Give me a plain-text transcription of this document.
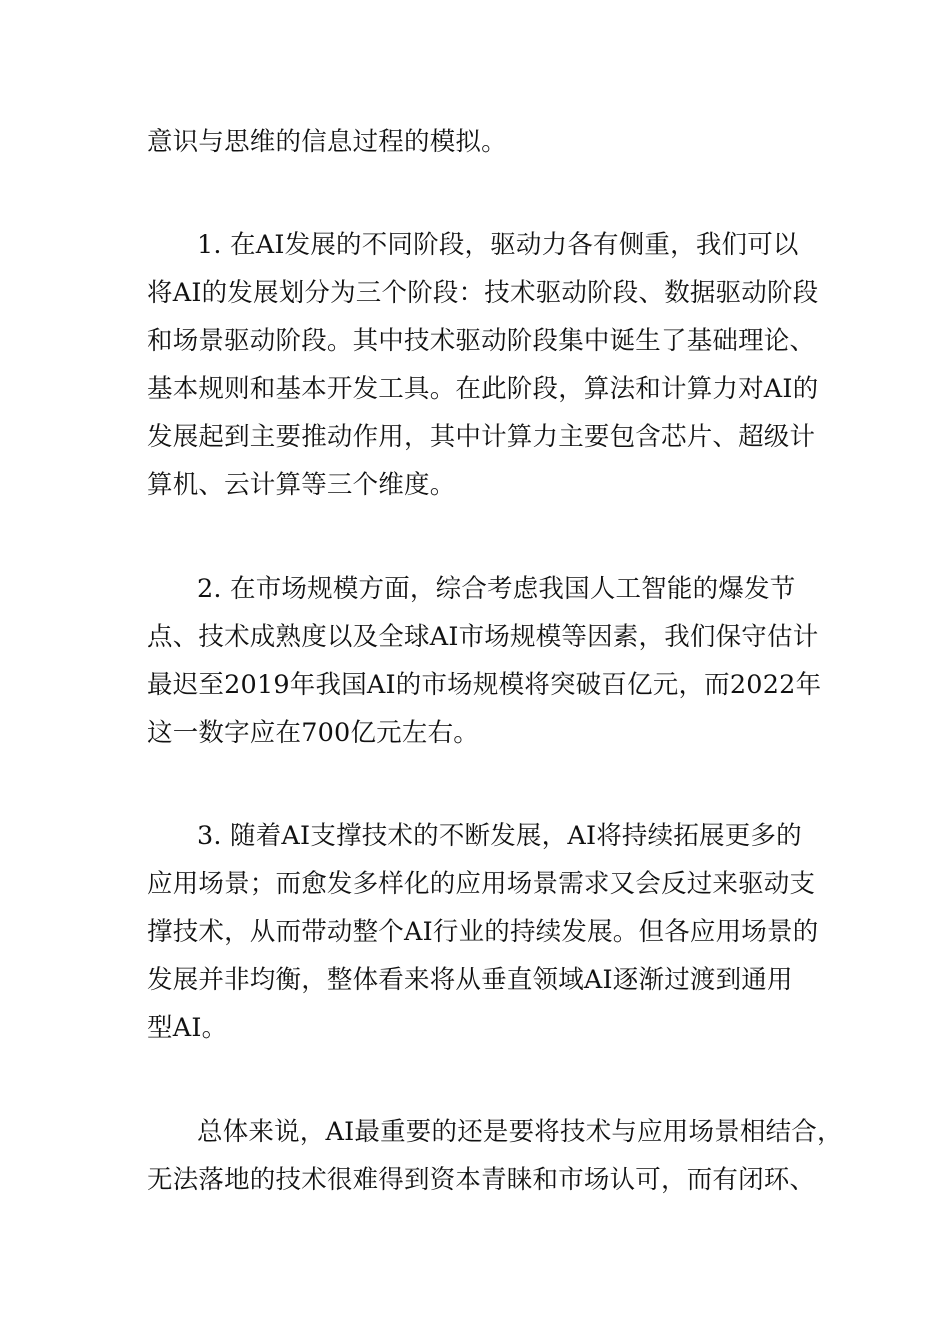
意识与思维的信息过程的模拟。
1. 在AI发展的不同阶段，驱动力各有侧重，我们可以
将AI的发展划分为三个阶段：技术驱动阶段、数据驱动阶段
和场景驱动阶段。其中技术驱动阶段集中诞生了基础理论、
基本规则和基本开发工具。在此阶段，算法和计算力对AI的
发展起到主要推动作用，其中计算力主要包含芯片、超级计
算机、云计算等三个维度。
2. 在市场规模方面，综合考虑我国人工智能的爆发节
点、技术成熟度以及全球AI市场规模等因素，我们保守估计
最迟至2019年我国AI的市场规模将突破百亿元，而2022年
这一数字应在700亿元左右。
3. 随着AI支撑技术的不断发展，AI将持续拓展更多的
应用场景；而愈发多样化的应用场景需求又会反过来驱动支
撑技术，从而带动整个AI行业的持续发展。但各应用场景的
发展并非均衡，整体看来将从垂直领域AI逐渐过渡到通用
型AI。
总体来说，AI最重要的还是要将技术与应用场景相结合，
无法落地的技术很难得到资本青睐和市场认可，而有闭环、
